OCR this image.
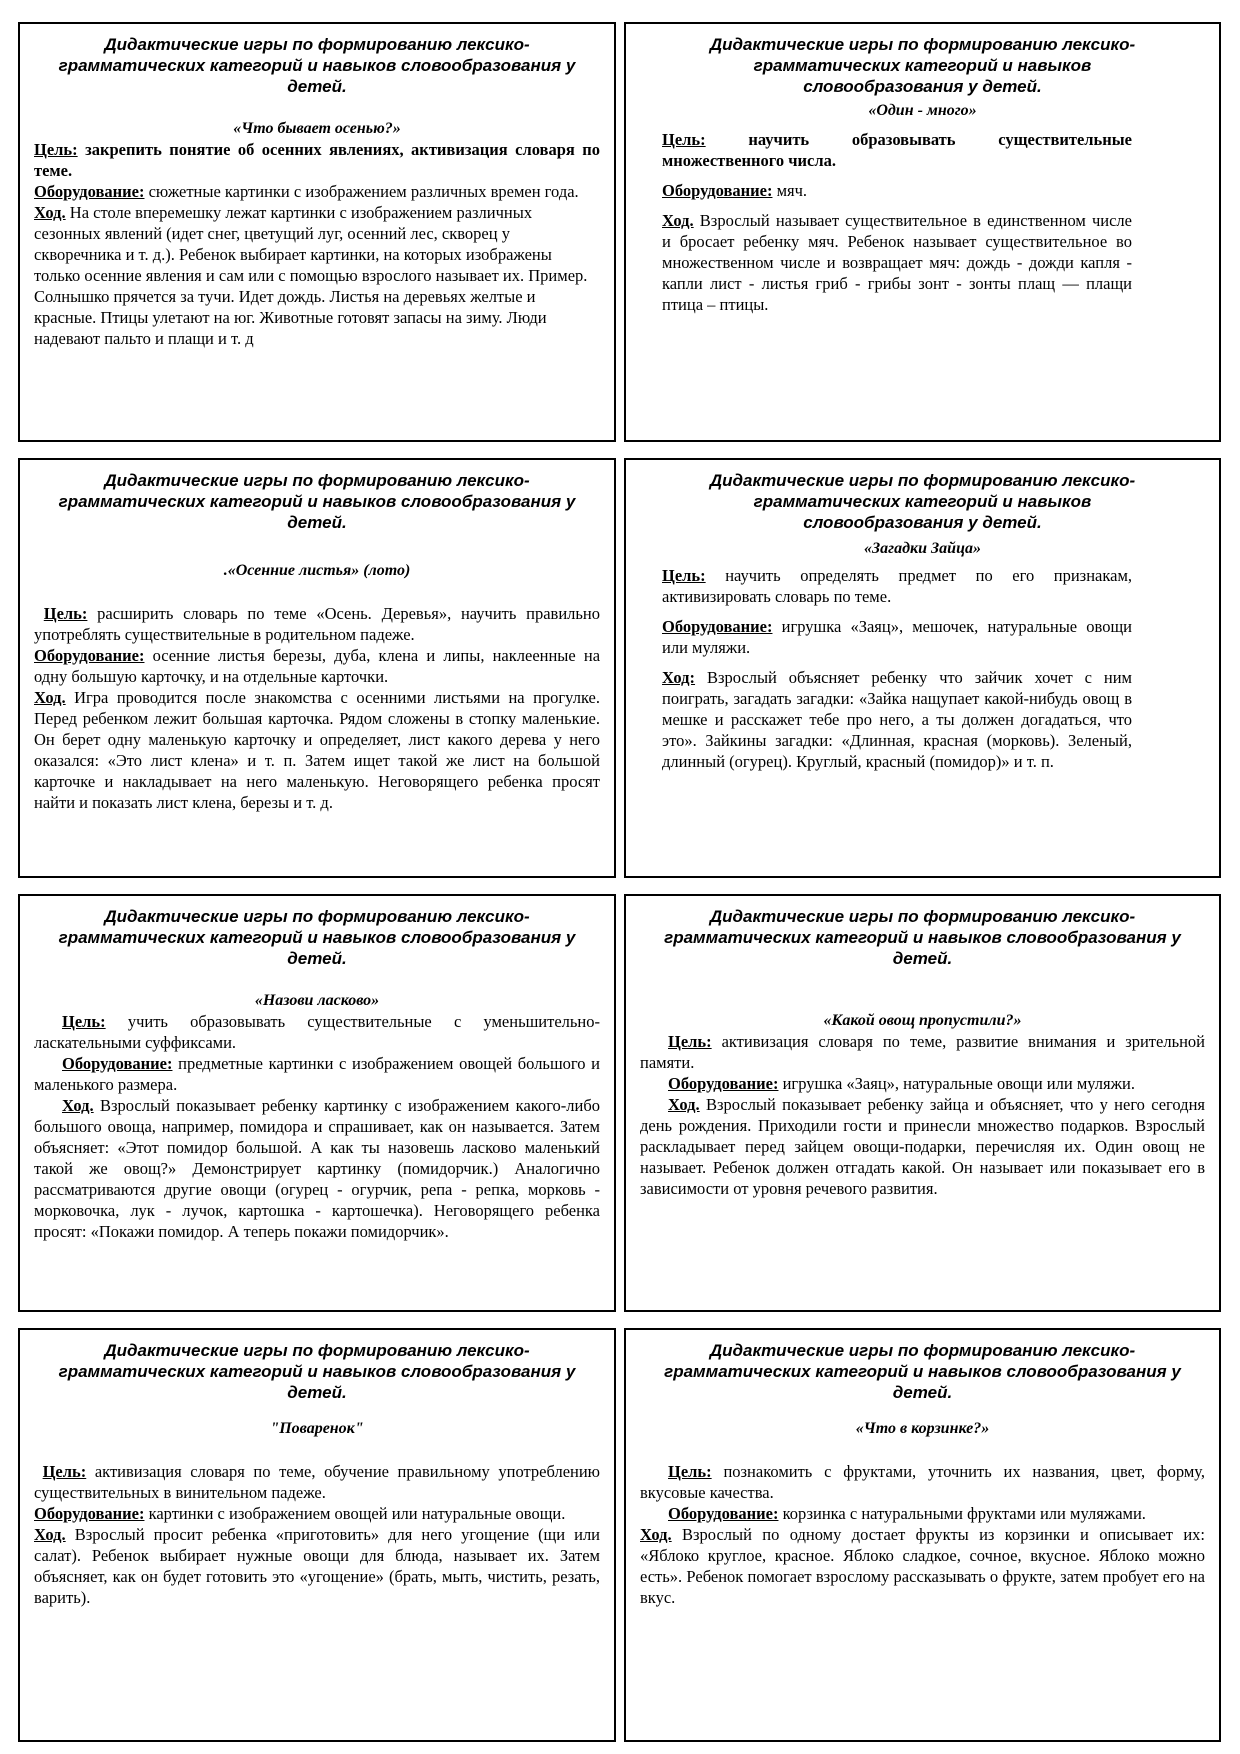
Дидактические игры по формированию лексико-грамматических категорий и навыков словообразования у детей.
«Что бывает осенью?»

Цель: закрепить понятие об осенних явлениях, активизация словаря по теме.

Оборудование: сюжетные картинки с изображением различных времен года.

Ход. На столе вперемешку лежат картинки с изображением различных сезонных явлений (идет снег, цветущий луг, осенний лес, скворец у скворечника и т. д.). Ребенок выбирает картинки, на которых изображены только осенние явления и сам или с помощью взрослого называет их. Пример. Солнышко прячется за тучи. Идет дождь. Листья на деревьях желтые и красные. Птицы улетают на юг. Животные готовят запасы на зиму. Люди надевают пальто и плащи и т. д

Дидактические игры по формированию лексико-грамматических категорий и навыков словообразования у детей.
«Один - много»

Цель:	научить образовывать существительные множественного числа.

Оборудование: мяч.

Ход. Взрослый называет существительное в единственном числе и бросает ребенку мяч. Ребенок называет существительное во множественном числе и возвращает мяч: дождь - дожди капля - капли лист - листья гриб - грибы зонт - зонты плащ — плащи птица – птицы.

Дидактические игры по формированию лексико-грамматических категорий и навыков словообразования у детей.
.«Осенние листья» (лото)

Цель: расширить словарь по теме «Осень. Деревья», научить правильно употреблять существительные в родительном падеже.

Оборудование: осенние листья березы, дуба, клена и липы, наклеенные на одну большую карточку, и на отдельные карточки.

Ход. Игра проводится после знакомства с осенними листьями на прогулке. Перед ребенком лежит большая карточка. Рядом сложены в стопку маленькие. Он берет одну маленькую карточку и определяет, лист какого дерева у него оказался: «Это лист клена» и т. п. Затем ищет такой же лист на большой карточке и накладывает на него маленькую. Неговорящего ребенка просят найти и показать лист клена, березы и т. д.

Дидактические игры по формированию лексико-грамматических категорий и навыков словообразования у детей.
«Загадки Зайца»

Цель: научить определять предмет по его признакам, активизировать словарь по теме.

Оборудование: игрушка «Заяц», мешочек, натуральные овощи или муляжи.

Ход: Взрослый объясняет ребенку что зайчик хочет с ним поиграть, загадать загадки: «Зайка нащупает какой-нибудь овощ в мешке и расскажет тебе про него, а ты должен догадаться, что это». Зайкины загадки: «Длинная, красная (морковь). Зеленый, длинный (огурец). Круглый, красный (помидор)» и т. п.

Дидактические игры по формированию лексико-грамматических категорий и навыков словообразования у детей.
«Назови ласково»

Цель: учить образовывать существительные с уменьшительно-ласкательными суффиксами.

Оборудование: предметные картинки с изображением овощей большого и маленького размера.

Ход. Взрослый показывает ребенку картинку с изображением какого-либо большого овоща, например, помидора и спрашивает, как он называется. Затем объясняет: «Этот помидор большой. А как ты назовешь ласково маленький такой же овощ?» Демонстрирует картинку (помидорчик.) Аналогично рассматриваются другие овощи (огурец - огурчик, репа - репка, морковь - морковочка, лук - лучок, картошка - картошечка). Неговорящего ребенка просят: «Покажи помидор. А теперь покажи помидорчик».

Дидактические игры по формированию лексико-грамматических категорий и навыков словообразования у детей.
«Какой овощ пропустили?»

Цель: активизация словаря по теме, развитие внимания и зрительной памяти.

Оборудование: игрушка «Заяц», натуральные овощи или муляжи.

Ход. Взрослый показывает ребенку зайца и объясняет, что у него сегодня день рождения. Приходили гости и принесли множество подарков. Взрослый раскладывает перед зайцем овощи-подарки, перечисляя их. Один овощ не называет. Ребенок должен отгадать какой. Он называет или показывает его в зависимости от уровня речевого развития.

Дидактические игры по формированию лексико-грамматических категорий и навыков словообразования у детей.
"Поваренок"

Цель: активизация словаря по теме, обучение правильному употреблению существительных в винительном падеже.

Оборудование: картинки с изображением овощей или натуральные овощи.

Ход. Взрослый просит ребенка «приготовить» для него угощение (щи или салат). Ребенок выбирает нужные овощи для блюда, называет их. Затем объясняет, как он будет готовить это «угощение» (брать, мыть, чистить, резать, варить).

Дидактические игры по формированию лексико-грамматических категорий и навыков словообразования у детей.
«Что в корзинке?»

Цель: познакомить с фруктами, уточнить их названия, цвет, форму, вкусовые качества.

Оборудование: корзинка с натуральными фруктами или муляжами.

Ход. Взрослый по одному достает фрукты из корзинки и описывает их: «Яблоко круглое, красное. Яблоко сладкое, сочное, вкусное. Яблоко можно есть». Ребенок помогает взрослому рассказывать о фрукте, затем пробует его на вкус.
